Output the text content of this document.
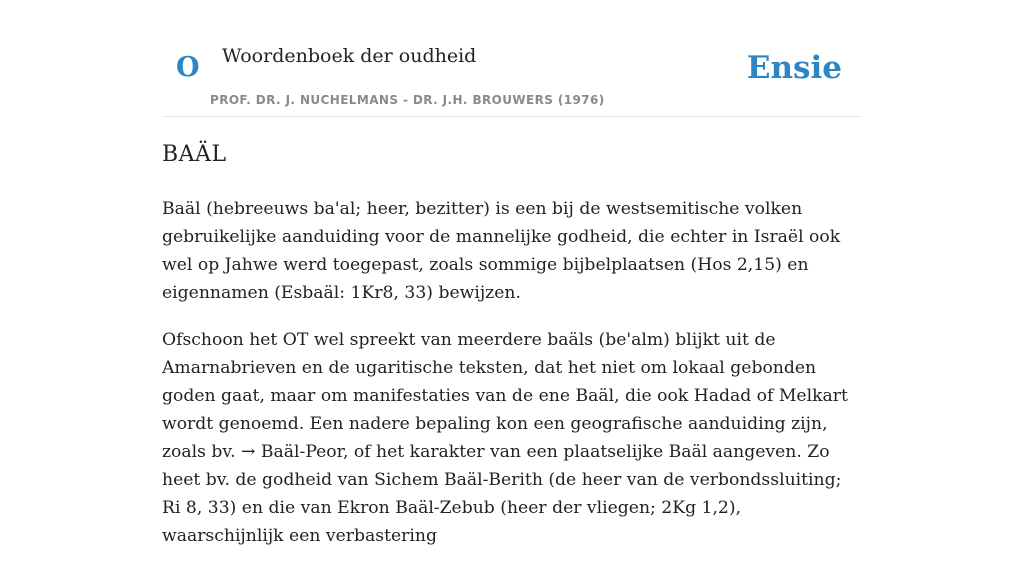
O Woordenboek der oudheid
PROF. DR. J. NUCHELMANS - DR. J.H. BROUWERS (1976)
Ensie
BAÄL

Baäl (hebreeuws ba'al; heer, bezitter) is een bij de westsemitische volken gebruikelijke aanduiding voor de mannelijke godheid, die echter in Israël ook wel op Jahwe werd toegepast, zoals sommige bijbelplaatsen (Hos 2,15) en eigennamen (Esbaäl: 1Kr8, 33) bewijzen.

Ofschoon het OT wel spreekt van meerdere baäls (be'alm) blijkt uit de Amarnabrieven en de ugaritische teksten, dat het niet om lokaal gebonden goden gaat, maar om manifestaties van de ene Baäl, die ook Hadad of Melkart wordt genoemd. Een nadere bepaling kon een geografische aanduiding zijn, zoals bv. → Baäl-Peor, of het karakter van een plaatselijke Baäl aangeven. Zo heet bv. de godheid van Sichem Baäl-Berith (de heer van de verbondssluiting; Ri 8, 33) en die van Ekron Baäl-Zebub (heer der vliegen; 2Kg 1,2), waarschijnlijk een verbastering
